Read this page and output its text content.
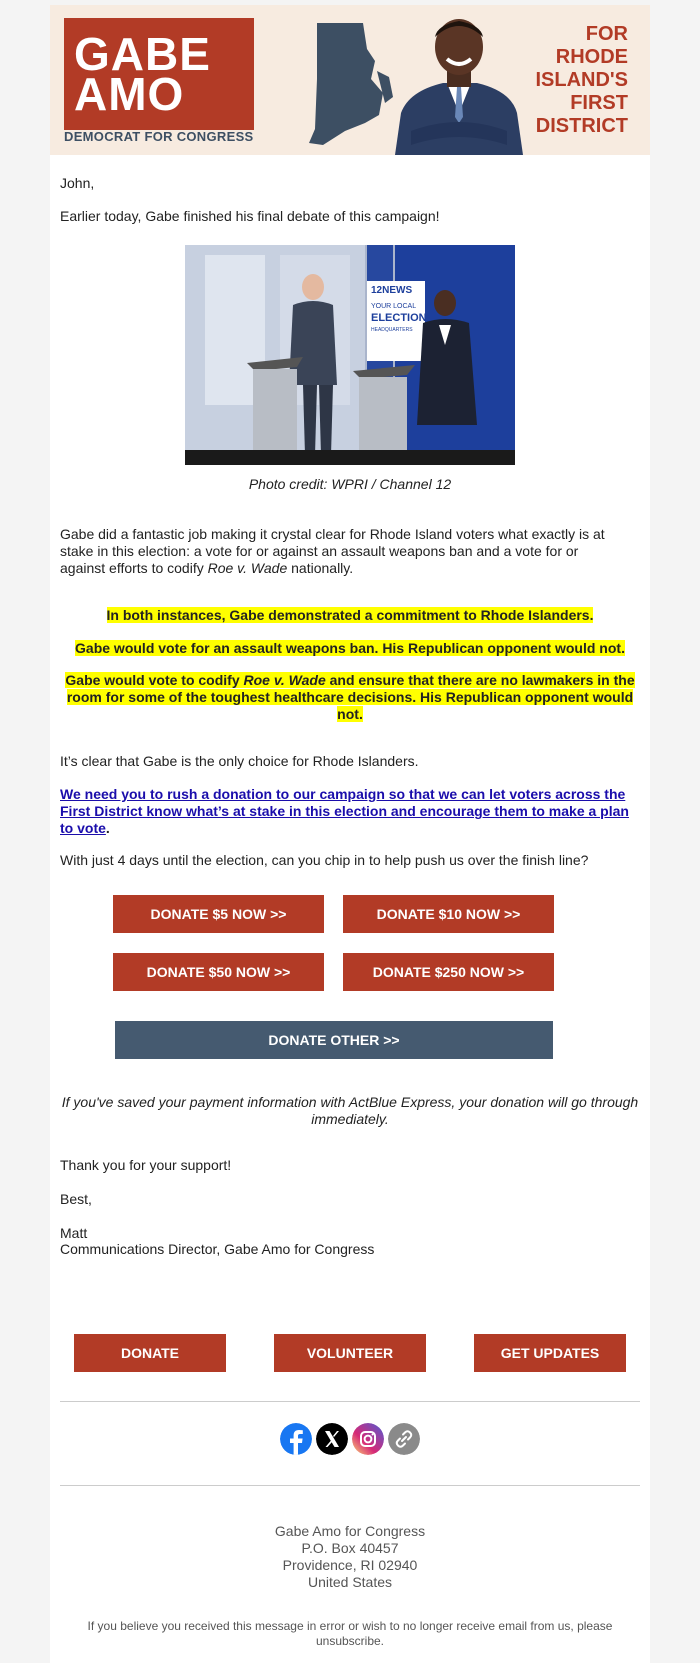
GABE
AMO
DEMOCRAT FOR CONGRESS
FOR
RHODE
ISLAND'S
FIRST
DISTRICT

John,

Earlier today, Gabe finished his final debate of this campaign!

12NEWS
YOUR LOCAL
ELECTION
HEADQUARTERS
Photo credit: WPRI / Channel 12

Gabe did a fantastic job making it crystal clear for Rhode Island voters what exactly is at stake in this election: a vote for or against an assault weapons ban and a vote for or against efforts to codify Roe v. Wade nationally.

In both instances, Gabe demonstrated a commitment to Rhode Islanders.

Gabe would vote for an assault weapons ban. His Republican opponent would not.

Gabe would vote to codify Roe v. Wade and ensure that there are no lawmakers in the room for some of the toughest healthcare decisions. His Republican opponent would not.

It’s clear that Gabe is the only choice for Rhode Islanders.

We need you to rush a donation to our campaign so that we can let voters across the First District know what’s at stake in this election and encourage them to make a plan to vote.

With just 4 days until the election, can you chip in to help push us over the finish line?

DONATE $5 NOW >>	DONATE $10 NOW >>
DONATE $50 NOW >>	DONATE $250 NOW >>
DONATE OTHER >>

If you've saved your payment information with ActBlue Express, your donation will go through immediately.

Thank you for your support!

Best,

Matt

Communications Director, Gabe Amo for Congress

DONATE	VOLUNTEER	GET UPDATES
Gabe Amo for Congress
P.O. Box 40457
Providence, RI 02940
United States
If you believe you received this message in error or wish to no longer receive email from us, please unsubscribe.
